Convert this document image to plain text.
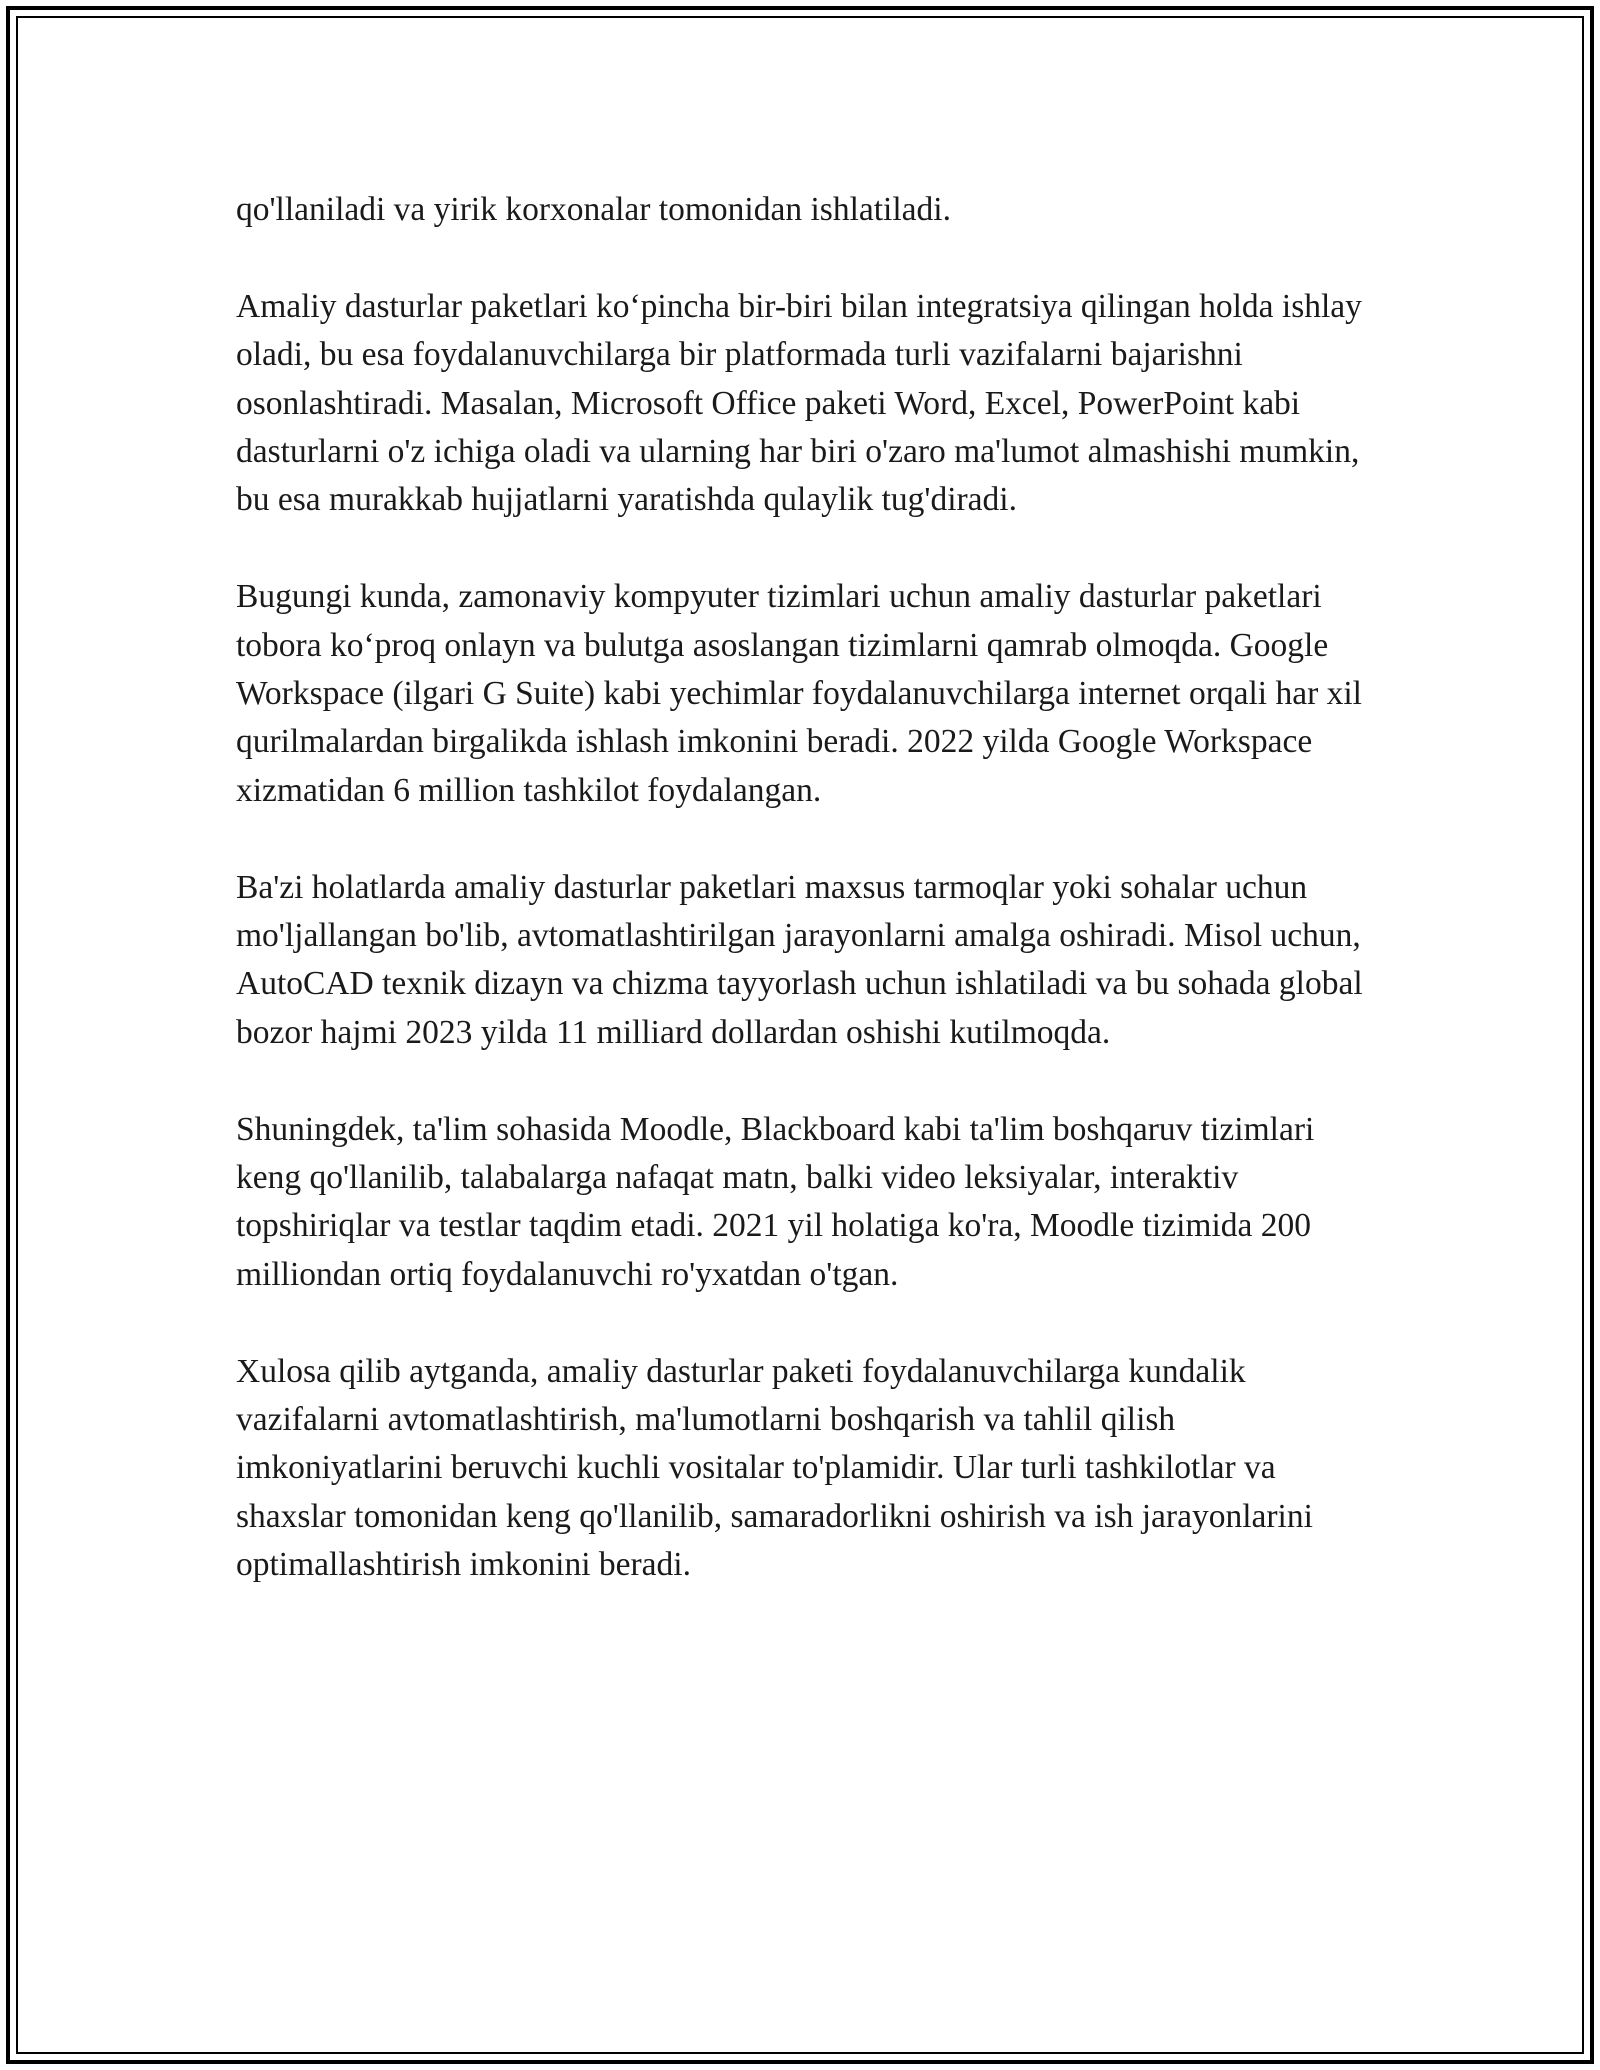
qo'llaniladi va yirik korxonalar tomonidan ishlatiladi.

Amaliy dasturlar paketlari ko‘pincha bir-biri bilan integratsiya qilingan holda ishlay oladi, bu esa foydalanuvchilarga bir platformada turli vazifalarni bajarishni osonlashtiradi. Masalan, Microsoft Office paketi Word, Excel, PowerPoint kabi dasturlarni o'z ichiga oladi va ularning har biri o'zaro ma'lumot almashishi mumkin, bu esa murakkab hujjatlarni yaratishda qulaylik tug'diradi.

Bugungi kunda, zamonaviy kompyuter tizimlari uchun amaliy dasturlar paketlari tobora ko‘proq onlayn va bulutga asoslangan tizimlarni qamrab olmoqda. Google Workspace (ilgari G Suite) kabi yechimlar foydalanuvchilarga internet orqali har xil qurilmalardan birgalikda ishlash imkonini beradi. 2022 yilda Google Workspace xizmatidan 6 million tashkilot foydalangan.

Ba'zi holatlarda amaliy dasturlar paketlari maxsus tarmoqlar yoki sohalar uchun mo'ljallangan bo'lib, avtomatlashtirilgan jarayonlarni amalga oshiradi. Misol uchun, AutoCAD texnik dizayn va chizma tayyorlash uchun ishlatiladi va bu sohada global bozor hajmi 2023 yilda 11 milliard dollardan oshishi kutilmoqda.

Shuningdek, ta'lim sohasida Moodle, Blackboard kabi ta'lim boshqaruv tizimlari keng qo'llanilib, talabalarga nafaqat matn, balki video leksiyalar, interaktiv topshiriqlar va testlar taqdim etadi. 2021 yil holatiga ko'ra, Moodle tizimida 200 milliondan ortiq foydalanuvchi ro'yxatdan o'tgan.

Xulosa qilib aytganda, amaliy dasturlar paketi foydalanuvchilarga kundalik vazifalarni avtomatlashtirish, ma'lumotlarni boshqarish va tahlil qilish imkoniyatlarini beruvchi kuchli vositalar to'plamidir. Ular turli tashkilotlar va shaxslar tomonidan keng qo'llanilib, samaradorlikni oshirish va ish jarayonlarini optimallashtirish imkonini beradi.
